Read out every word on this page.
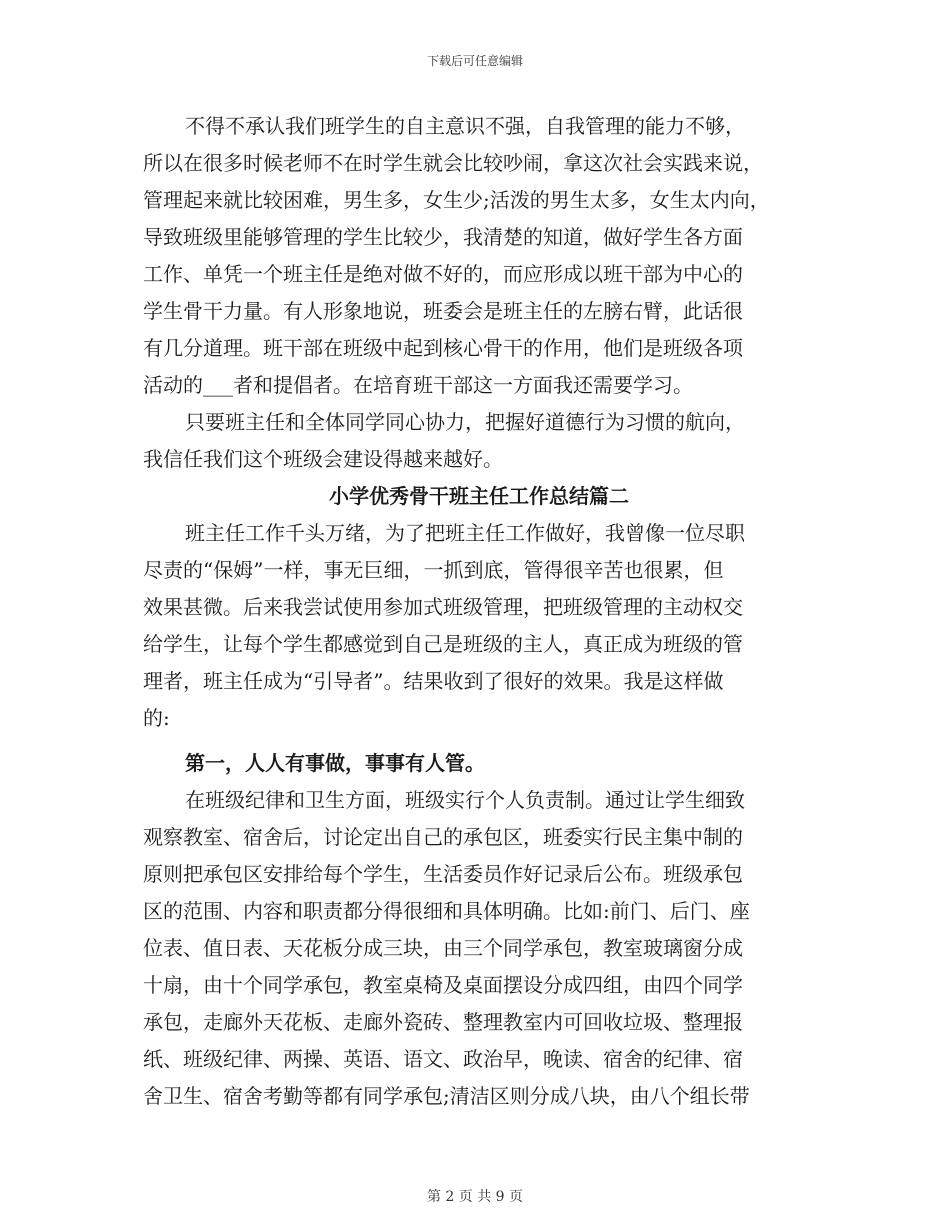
下载后可任意编辑
不得不承认我们班学生的自主意识不强，自我管理的能力不够，
所以在很多时候老师不在时学生就会比较吵闹，拿这次社会实践来说，
管理起来就比较困难，男生多，女生少;活泼的男生太多，女生太内向，
导致班级里能够管理的学生比较少，我清楚的知道，做好学生各方面
工作、单凭一个班主任是绝对做不好的，而应形成以班干部为中心的
学生骨干力量。有人形象地说，班委会是班主任的左膀右臂，此话很
有几分道理。班干部在班级中起到核心骨干的作用，他们是班级各项
活动的___者和提倡者。在培育班干部这一方面我还需要学习。
只要班主任和全体同学同心协力，把握好道德行为习惯的航向，
我信任我们这个班级会建设得越来越好。
小学优秀骨干班主任工作总结篇二
班主任工作千头万绪，为了把班主任工作做好，我曾像一位尽职
尽责的“保姆”一样，事无巨细，一抓到底，管得很辛苦也很累，但
效果甚微。后来我尝试使用参加式班级管理，把班级管理的主动权交
给学生，让每个学生都感觉到自己是班级的主人，真正成为班级的管
理者，班主任成为“引导者”。结果收到了很好的效果。我是这样做
的:
第一，人人有事做，事事有人管。
在班级纪律和卫生方面，班级实行个人负责制。通过让学生细致
观察教室、宿舍后，讨论定出自己的承包区，班委实行民主集中制的
原则把承包区安排给每个学生，生活委员作好记录后公布。班级承包
区的范围、内容和职责都分得很细和具体明确。比如:前门、后门、座
位表、值日表、天花板分成三块，由三个同学承包，教室玻璃窗分成
十扇，由十个同学承包，教室桌椅及桌面摆设分成四组，由四个同学
承包，走廊外天花板、走廊外瓷砖、整理教室内可回收垃圾、整理报
纸、班级纪律、两操、英语、语文、政治早，晚读、宿舍的纪律、宿
舍卫生、宿舍考勤等都有同学承包;清洁区则分成八块，由八个组长带
第 2 页 共 9 页
